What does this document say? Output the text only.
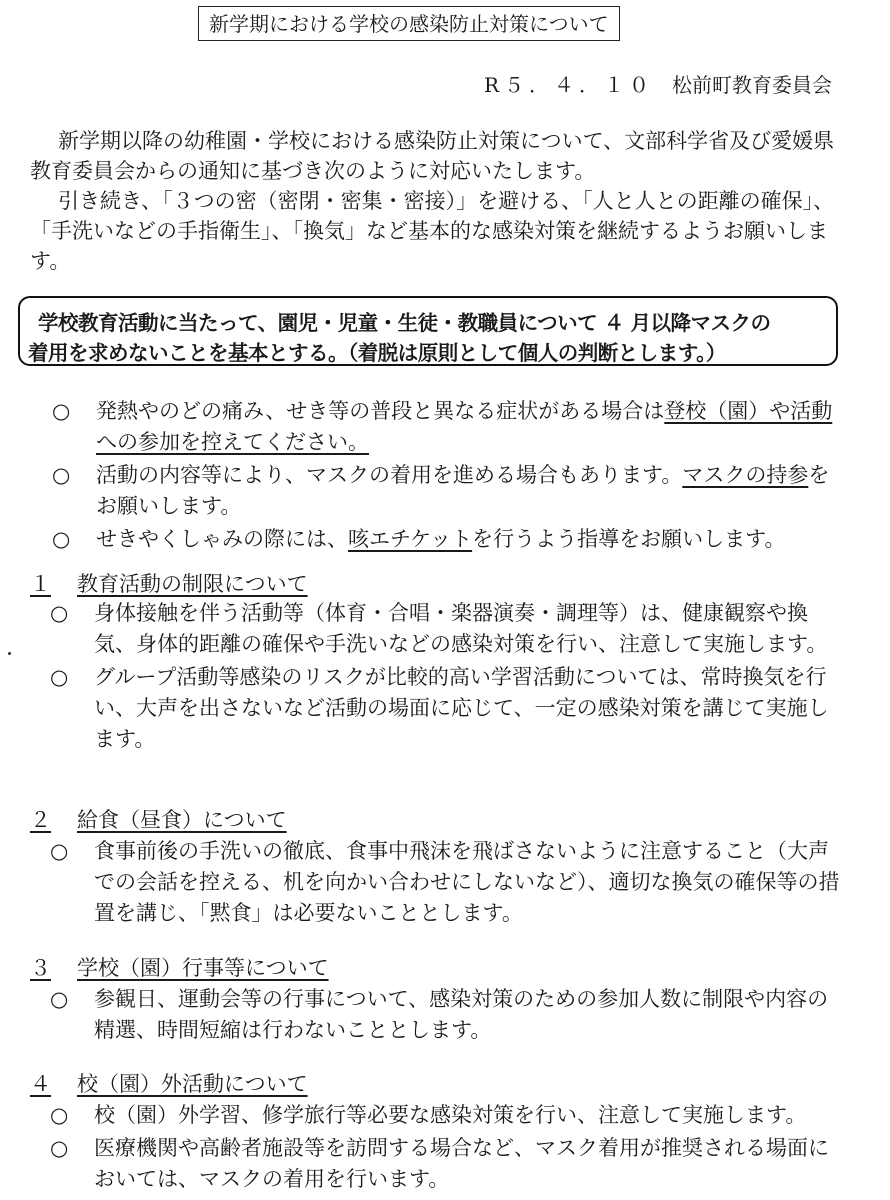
新学期における学校の感染防止対策について
R５．４．１０ 松前町教育委員会

新学期以降の幼稚園・学校における感染防止対策について、文部科学省及び愛媛県教育委員会からの通知に基づき次のように対応いたします。

引き続き、「３つの密（密閉・密集・密接）」を避ける、「人と人との距離の確保」、「手洗いなどの手指衛生」、「換気」など基本的な感染対策を継続するようお願いします。

学校教育活動に当たって、園児・児童・生徒・教職員について ４ 月以降マスクの
着用を求めないことを基本とする。（着脱は原則として個人の判断とします。）
○ 発熱やのどの痛み、せき等の普段と異なる症状がある場合は登校（園）や活動への参加を控えてください。
○ 活動の内容等により、マスクの着用を進める場合もあります。マスクの持参をお願いします。
○ せきやくしゃみの際には、咳エチケットを行うよう指導をお願いします。
１ 教育活動の制限について
○ 身体接触を伴う活動等（体育・合唱・楽器演奏・調理等）は、健康観察や換気、身体的距離の確保や手洗いなどの感染対策を行い、注意して実施します。
○ グループ活動等感染のリスクが比較的高い学習活動については、常時換気を行い、大声を出さないなど活動の場面に応じて、一定の感染対策を講じて実施します。
２ 給食（昼食）について
○ 食事前後の手洗いの徹底、食事中飛沫を飛ばさないように注意すること（大声での会話を控える、机を向かい合わせにしないなど）、適切な換気の確保等の措置を講じ、「黙食」は必要ないこととします。
３ 学校（園）行事等について
○ 参観日、運動会等の行事について、感染対策のための参加人数に制限や内容の精選、時間短縮は行わないこととします。
４ 校（園）外活動について
○ 校（園）外学習、修学旅行等必要な感染対策を行い、注意して実施します。
○ 医療機関や高齢者施設等を訪問する場合など、マスク着用が推奨される場面においては、マスクの着用を行います。
